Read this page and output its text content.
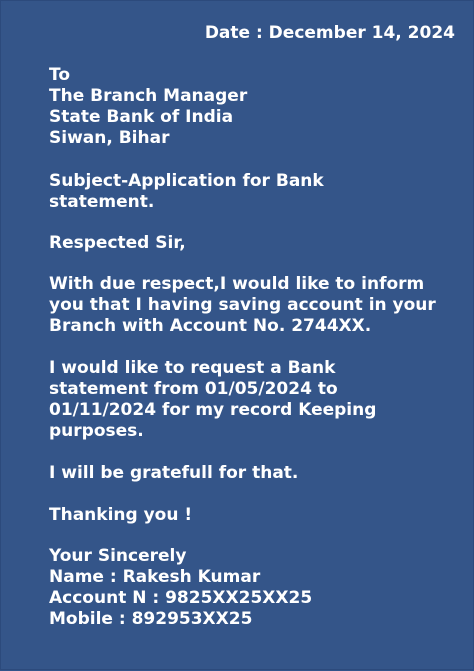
Date : December 14, 2024
To
The Branch Manager
State Bank of India
Siwan, Bihar
Subject-Application for Bank
statement.
Respected Sir,
With due respect,I would like to inform
you that I having saving account in your
Branch with Account No. 2744XX.
I would like to request a Bank
statement from 01/05/2024 to
01/11/2024 for my record Keeping
purposes.
I will be gratefull for that.
Thanking you !
Your Sincerely
Name : Rakesh Kumar
Account N : 9825XX25XX25
Mobile : 892953XX25
